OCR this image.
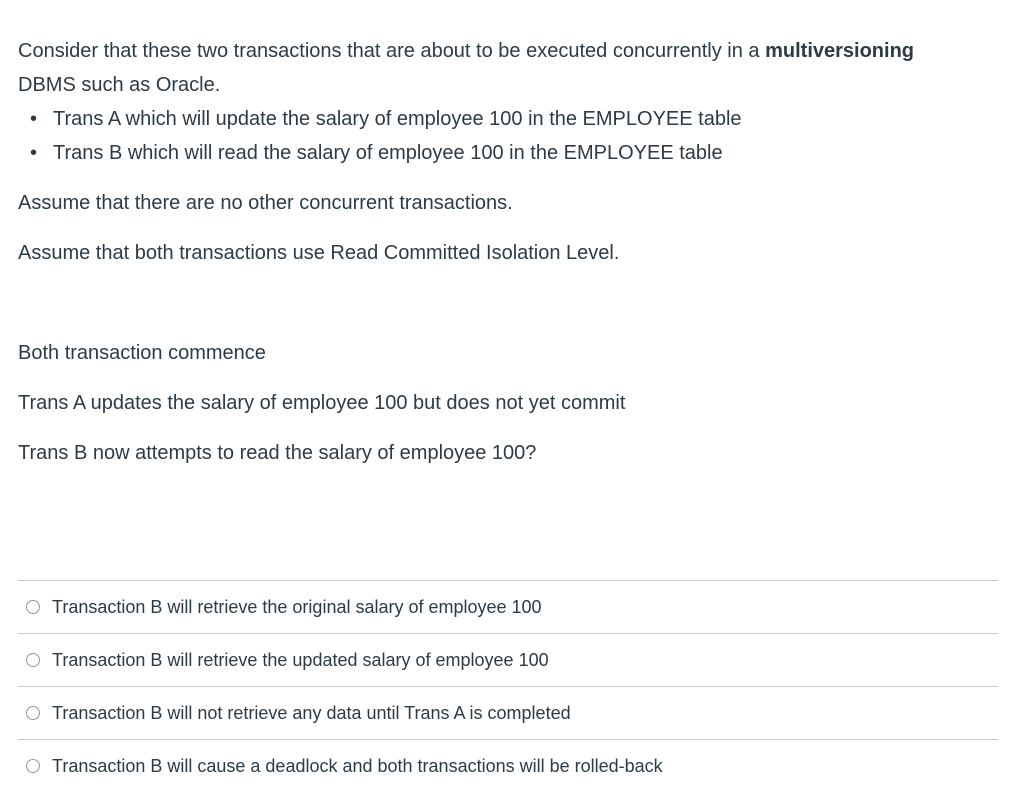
Consider that these two transactions that are about to be executed concurrently in a multiversioning
DBMS such as Oracle.

• Trans A which will update the salary of employee 100 in the EMPLOYEE table
• Trans B which will read the salary of employee 100 in the EMPLOYEE table

Assume that there are no other concurrent transactions.

Assume that both transactions use Read Committed Isolation Level.

Both transaction commence

Trans A updates the salary of employee 100 but does not yet commit

Trans B now attempts to read the salary of employee 100?

Transaction B will retrieve the original salary of employee 100
Transaction B will retrieve the updated salary of employee 100
Transaction B will not retrieve any data until Trans A is completed
Transaction B will cause a deadlock and both transactions will be rolled-back
